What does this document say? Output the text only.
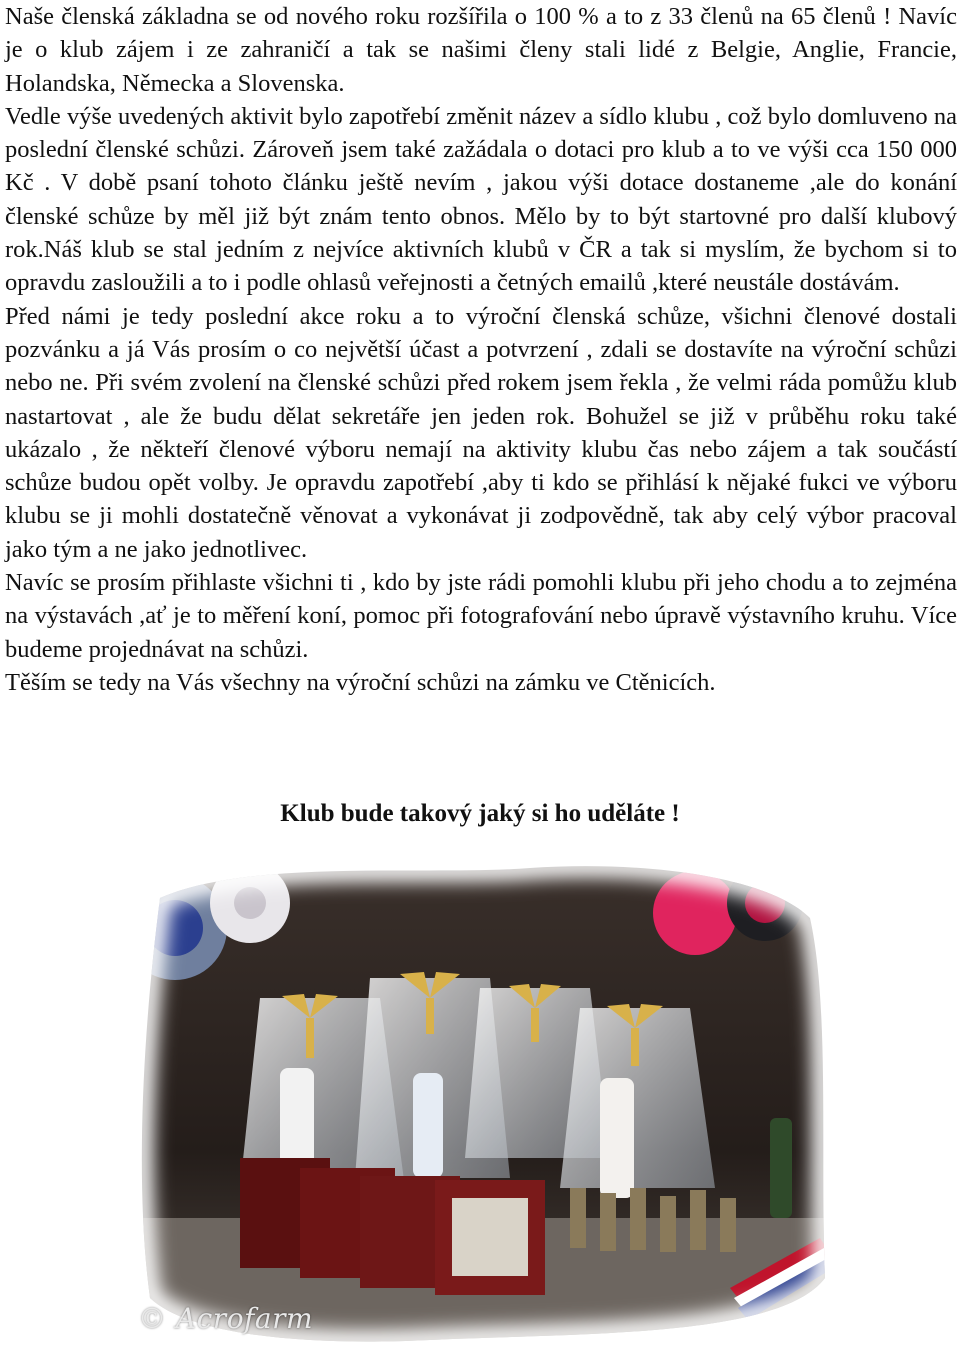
Naše členská základna se od nového roku rozšířila o 100 % a to z 33 členů na 65 členů ! Navíc je o klub zájem i ze zahraničí a tak se našimi členy stali lidé z Belgie, Anglie, Francie, Holandska, Německa a Slovenska.

Vedle výše uvedených aktivit bylo zapotřebí změnit název a sídlo klubu , což bylo domluveno na poslední členské schůzi. Zároveň jsem také zažádala o dotaci pro klub a to ve výši cca 150 000 Kč . V době psaní tohoto článku ještě nevím , jakou výši dotace dostaneme ,ale do konání členské schůze by měl již být znám tento obnos. Mělo by to být startovné pro další klubový rok.Náš klub se stal jedním z nejvíce aktivních klubů v ČR a tak si myslím, že bychom si to opravdu zasloužili a to i podle ohlasů veřejnosti a četných emailů ,které neustále dostávám.

Před námi je tedy poslední akce roku a to výroční členská schůze, všichni členové dostali pozvánku a já Vás prosím o co největší účast a potvrzení , zdali se dostavíte na výroční schůzi nebo ne. Při svém zvolení na členské schůzi před rokem jsem řekla , že velmi ráda pomůžu klub nastartovat , ale že budu dělat sekretáře jen jeden rok. Bohužel se již v průběhu roku také ukázalo , že někteří členové výboru nemají na aktivity klubu čas nebo zájem a tak součástí schůze budou opět volby. Je opravdu zapotřebí ,aby ti kdo se přihlásí k nějaké fukci ve výboru klubu se ji mohli dostatečně věnovat a vykonávat ji zodpovědně, tak aby celý výbor pracoval jako tým a ne jako jednotlivec.

Navíc se prosím přihlaste všichni ti , kdo by jste rádi pomohli klubu při jeho chodu a to zejména na výstavách ,ať je to měření koní, pomoc při fotografování nebo úpravě výstavního kruhu. Více budeme projednávat na schůzi.

Těším se tedy na Vás všechny na výroční schůzi na zámku ve Ctěnicích.

Klub bude takový jaký si ho uděláte !
© Acrofarm
